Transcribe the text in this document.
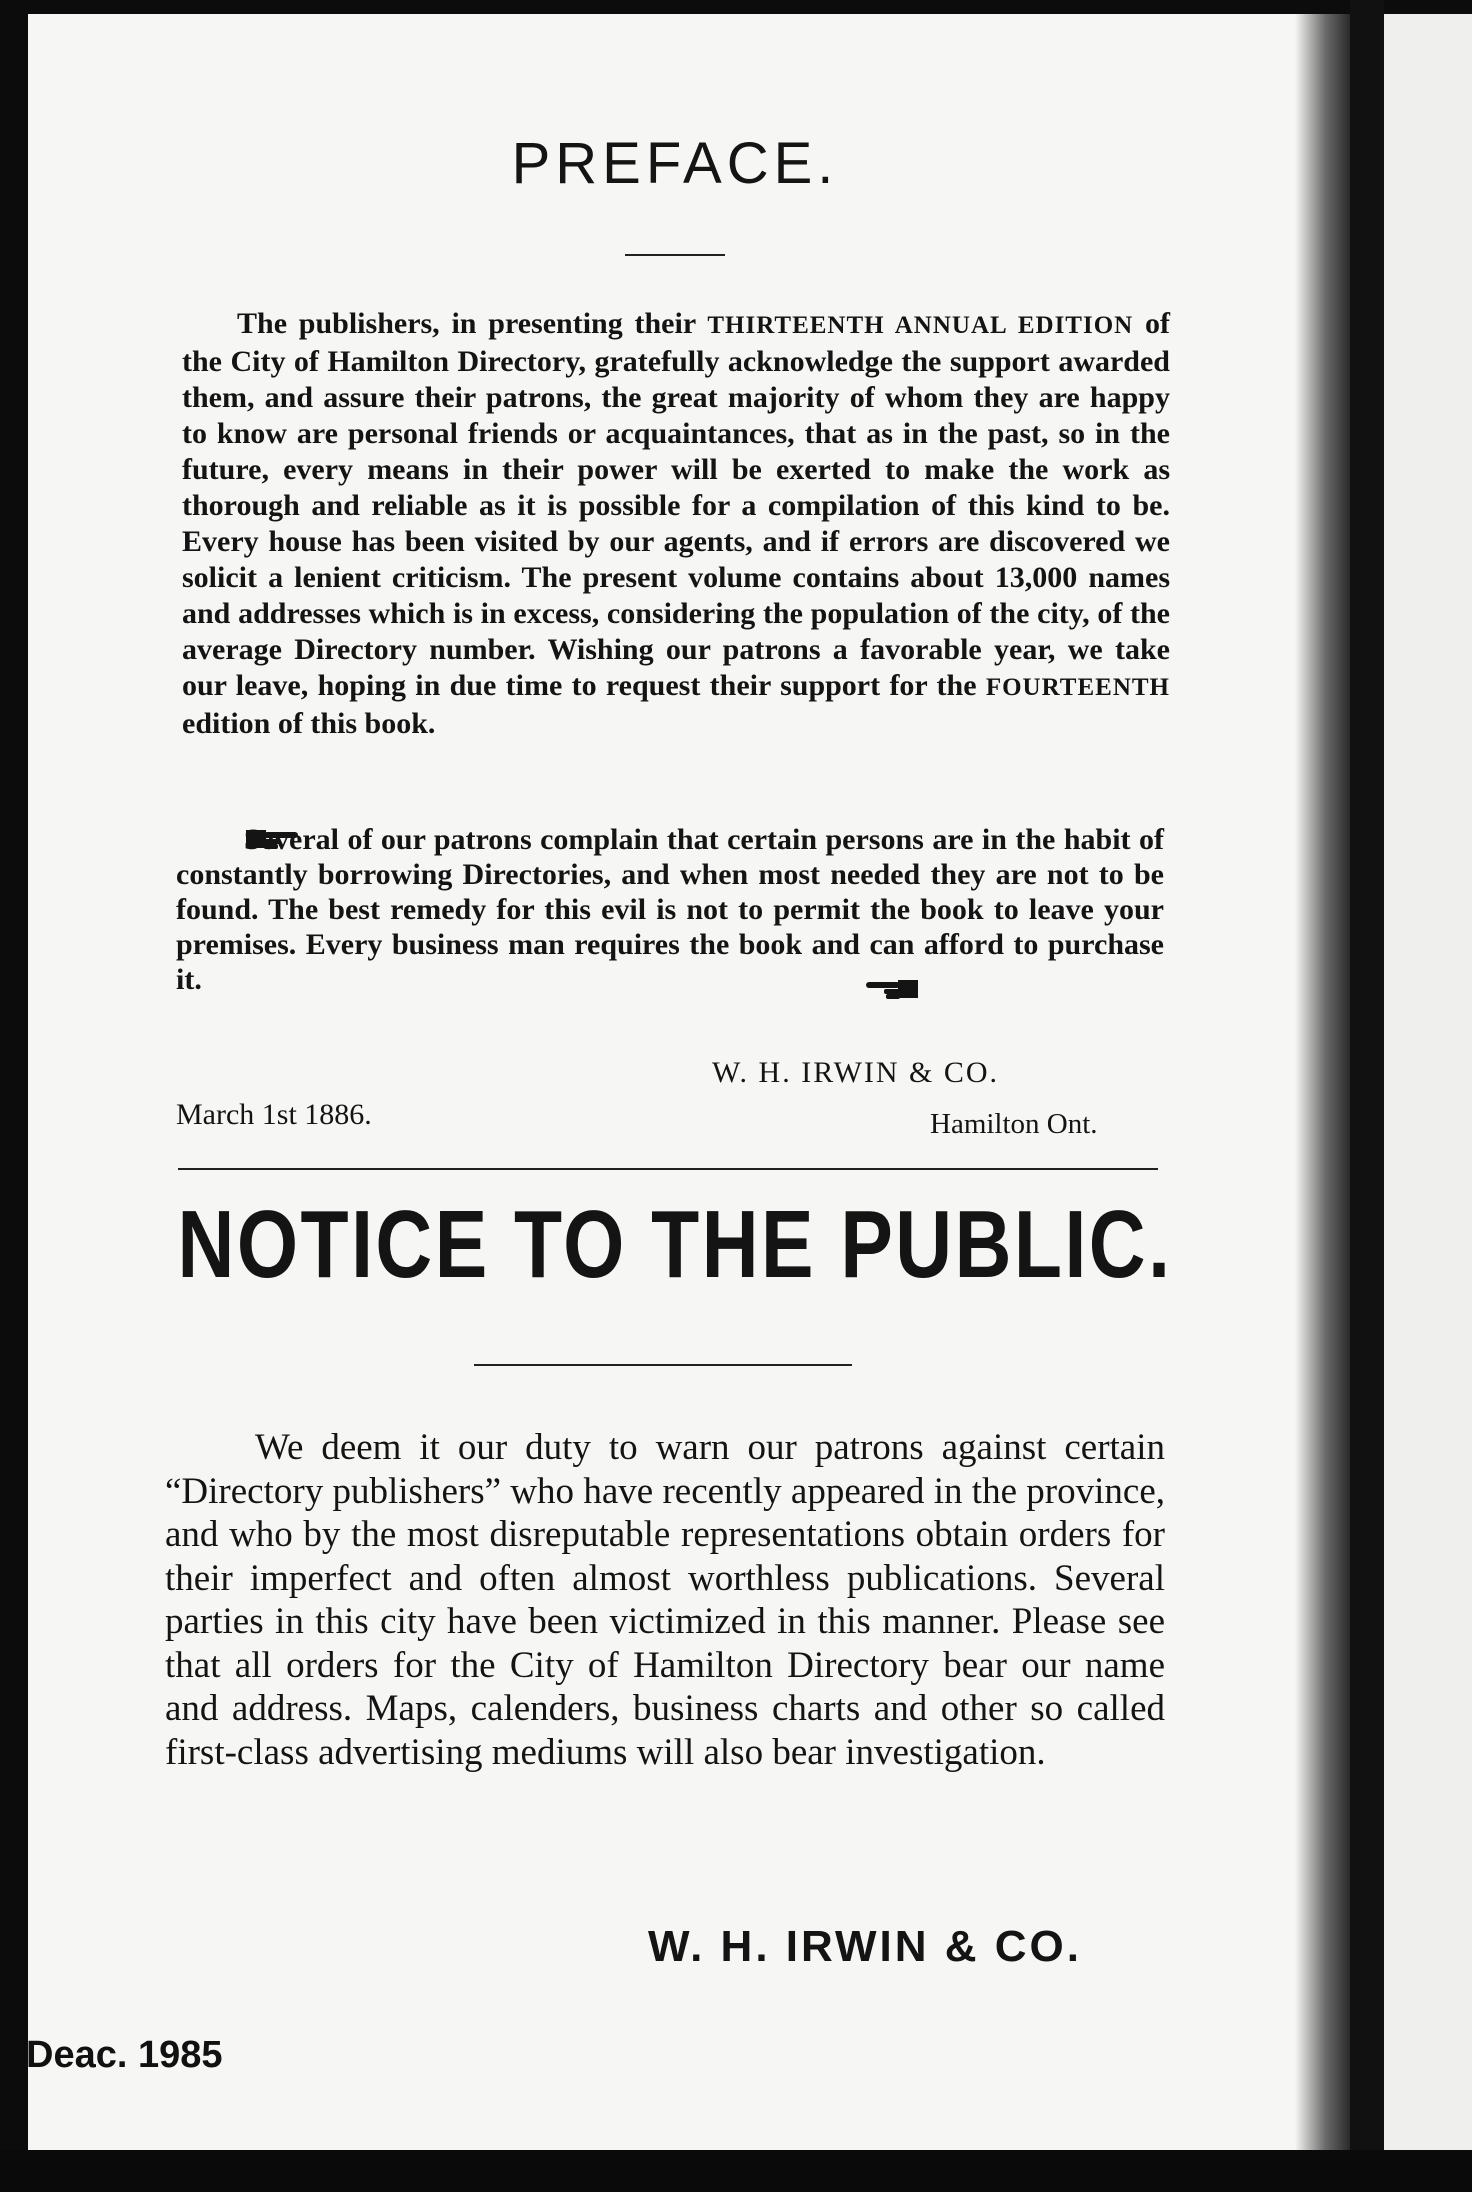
PREFACE.

The publishers, in presenting their THIRTEENTH ANNUAL EDITION of the City of Hamilton Directory, gratefully acknowledge the support awarded them, and assure their patrons, the great majority of whom they are happy to know are personal friends or acquaintances, that as in the past, so in the future, every means in their power will be exerted to make the work as thorough and reliable as it is possible for a compilation of this kind to be. Every house has been visited by our agents, and if errors are discovered we solicit a lenient criticism. The present volume contains about 13,000 names and addresses which is in excess, considering the population of the city, of the average Directory number. Wishing our patrons a favorable year, we take our leave, hoping in due time to request their support for the FOURTEENTH edition of this book.

Several of our patrons complain that certain persons are in the habit of constantly borrowing Directories, and when most needed they are not to be found. The best remedy for this evil is not to permit the book to leave your premises. Every business man requires the book and can afford to purchase it.

W. H. IRWIN & CO.
March 1st 1886.	Hamilton Ont.
NOTICE TO THE PUBLIC.

We deem it our duty to warn our patrons against certain “Directory publishers” who have recently appeared in the province, and who by the most disreputable representations obtain orders for their imperfect and often almost worthless publications. Several parties in this city have been victimized in this manner. Please see that all orders for the City of Hamilton Directory bear our name and address. Maps, calenders, business charts and other so called first-class advertising mediums will also bear investigation.

W. H. IRWIN & CO.
Deac. 1985
